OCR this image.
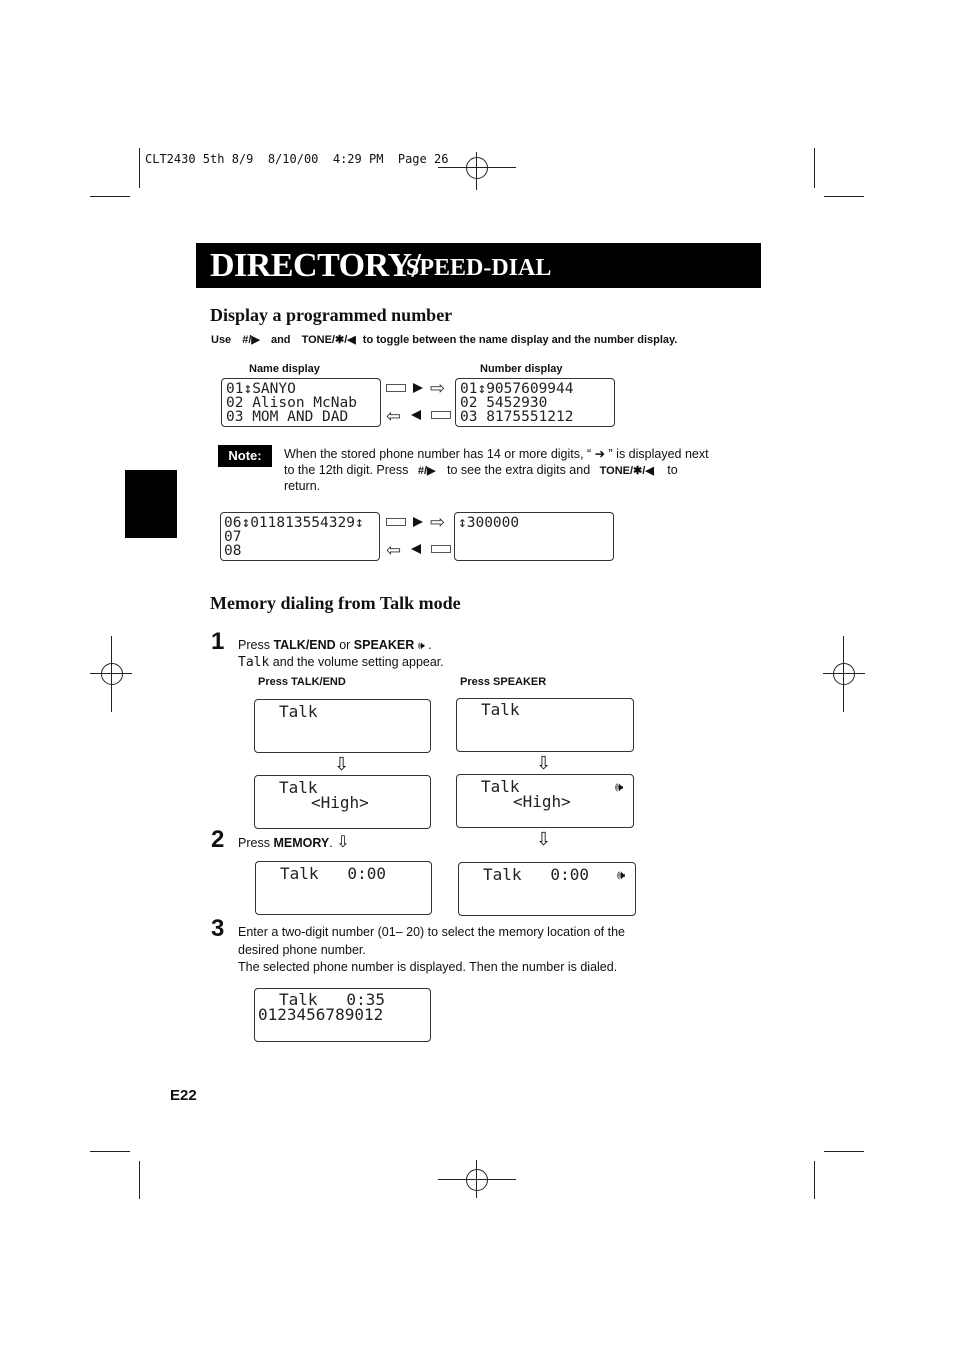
CLT2430 5th 8/9  8/10/00  4:29 PM  Page 26
DIRECTORY/
SPEED-DIAL
Display a programmed number
Use #/▶ and TONE/✱/◀ to toggle between the name display and the number display.
Name display	Number display
01↕SANYO
02 Alison McNab
03 MOM AND DAD
⇨
⇦
01↕9057609944
02 5452930
03 8175551212
Note:	When the stored phone number has 14 or more digits, “ ➜ ” is displayed next
to the 12th digit. Press #/▶ to see the extra digits and TONE/✱/◀ to
return.
06↕011813554329↕
07
08
⇨
⇦
↕300000
Memory dialing from Talk mode
1 Press TALK/END or SPEAKER 🕪 .
Talk and the volume setting appear.
Press TALK/END	Press SPEAKER
Talk
⇩
Talk
<High>
Talk
⇩
Talk
<High>
🕪
⇩
2 Press MEMORY. ⇩
Talk   0:00	Talk   0:00 🕪
3 Enter a two-digit number (01– 20) to select the memory location of the
desired phone number.
The selected phone number is displayed. Then the number is dialed.
Talk   0:35
0123456789012
E22
